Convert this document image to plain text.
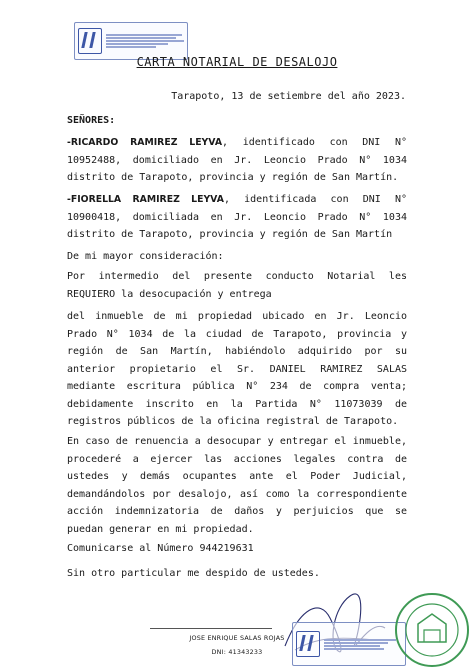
CARTA NOTARIAL DE DESALOJO
Tarapoto, 13 de setiembre del año 2023.
SEÑORES:
-RICARDO RAMIREZ LEYVA, identificado con DNI N° 10952488, domiciliado en Jr. Leoncio Prado N° 1034 distrito de Tarapoto, provincia y región de San Martín.
-FIORELLA RAMIREZ LEYVA, identificada con DNI N° 10900418, domiciliada en Jr. Leoncio Prado N° 1034 distrito de Tarapoto, provincia y región de San Martín
De mi mayor consideración:
Por intermedio del presente conducto Notarial les REQUIERO la desocupación y entrega
del inmueble de mi propiedad ubicado en Jr. Leoncio Prado N° 1034 de la ciudad de Tarapoto, provincia y región de San Martín, habiéndolo adquirido por su anterior propietario el Sr. DANIEL RAMIREZ SALAS mediante escritura pública N° 234 de compra venta; debidamente inscrito en la Partida N° 11073039 de registros públicos de la oficina registral de Tarapoto.
En caso de renuencia a desocupar y entregar el inmueble, procederé a ejercer las acciones legales contra de ustedes y demás ocupantes ante el Poder Judicial, demandándolos por desalojo, así como la correspondiente acción indemnizatoria de daños y perjuicios que se puedan generar en mi propiedad.
Comunicarse al Número 944219631
Sin otro particular me despido de ustedes.
JOSE ENRIQUE SALAS ROJAS
DNI: 41343233
